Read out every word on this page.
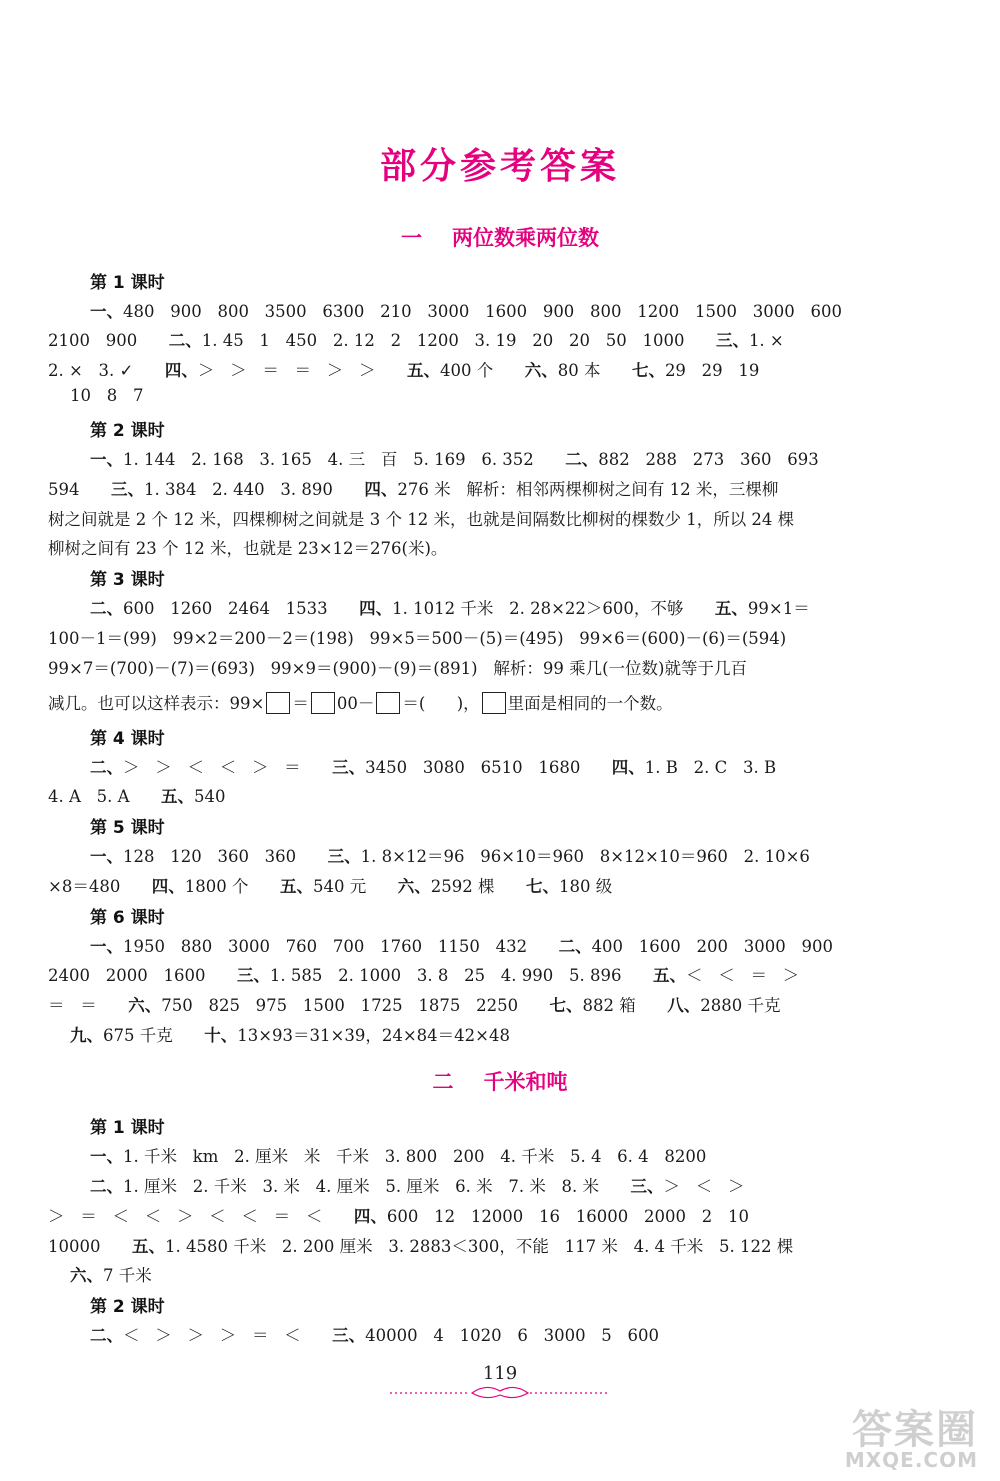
部分参考答案
一 两位数乘两位数
第 1 课时
一、480   900   800   3500   6300   210   3000   1600   900   800   1200   1500   3000   600
2100   900      二、1. 45   1   450   2. 12   2   1200   3. 19   20   20   50   1000      三、1. ×
2. ×   3. ✓      四、＞   ＞   ＝   ＝   ＞   ＞      五、400 个      六、80 本      七、29   29   19
10   8   7
第 2 课时
一、1. 144   2. 168   3. 165   4. 三   百   5. 169   6. 352      二、882   288   273   360   693
594      三、1. 384   2. 440   3. 890      四、276 米   解析：相邻两棵柳树之间有 12 米，三棵柳
树之间就是 2 个 12 米，四棵柳树之间就是 3 个 12 米，也就是间隔数比柳树的棵数少 1，所以 24 棵
柳树之间有 23 个 12 米，也就是 23×12＝276(米)。
第 3 课时
二、600   1260   2464   1533      四、1. 1012 千米   2. 28×22＞600，不够      五、99×1＝
100－1＝(99)   99×2＝200－2＝(198)   99×5＝500－(5)＝(495)   99×6＝(600)－(6)＝(594)
99×7＝(700)－(7)＝(693)   99×9＝(900)－(9)＝(891)   解析：99 乘几(一位数)就等于几百
减几。也可以这样表示：99× ＝ 00－ ＝(      )， 里面是相同的一个数。
第 4 课时
二、＞   ＞   ＜   ＜   ＞   ＝      三、3450   3080   6510   1680      四、1. B   2. C   3. B
4. A   5. A      五、540
第 5 课时
一、128   120   360   360      三、1. 8×12＝96   96×10＝960   8×12×10＝960   2. 10×6
×8＝480      四、1800 个      五、540 元      六、2592 棵      七、180 级
第 6 课时
一、1950   880   3000   760   700   1760   1150   432      二、400   1600   200   3000   900
2400   2000   1600      三、1. 585   2. 1000   3. 8   25   4. 990   5. 896      五、＜   ＜   ＝   ＞
＝   ＝      六、750   825   975   1500   1725   1875   2250      七、882 箱      八、2880 千克
九、675 千克      十、13×93＝31×39，24×84＝42×48
二 千米和吨
第 1 课时
一、1. 千米   km   2. 厘米   米   千米   3. 800   200   4. 千米   5. 4   6. 4   8200
二、1. 厘米   2. 千米   3. 米   4. 厘米   5. 厘米   6. 米   7. 米   8. 米      三、＞   ＜   ＞
＞   ＝   ＜   ＜   ＞   ＜   ＜   ＝   ＜      四、600   12   12000   16   16000   2000   2   10
10000      五、1. 4580 千米   2. 200 厘米   3. 2883＜300，不能   117 米   4. 4 千米   5. 122 棵
六、7 千米
第 2 课时
二、＜   ＞   ＞   ＞   ＝   ＜      三、40000   4   1020   6   3000   5   600
119
答案圈
MXQE.COM
